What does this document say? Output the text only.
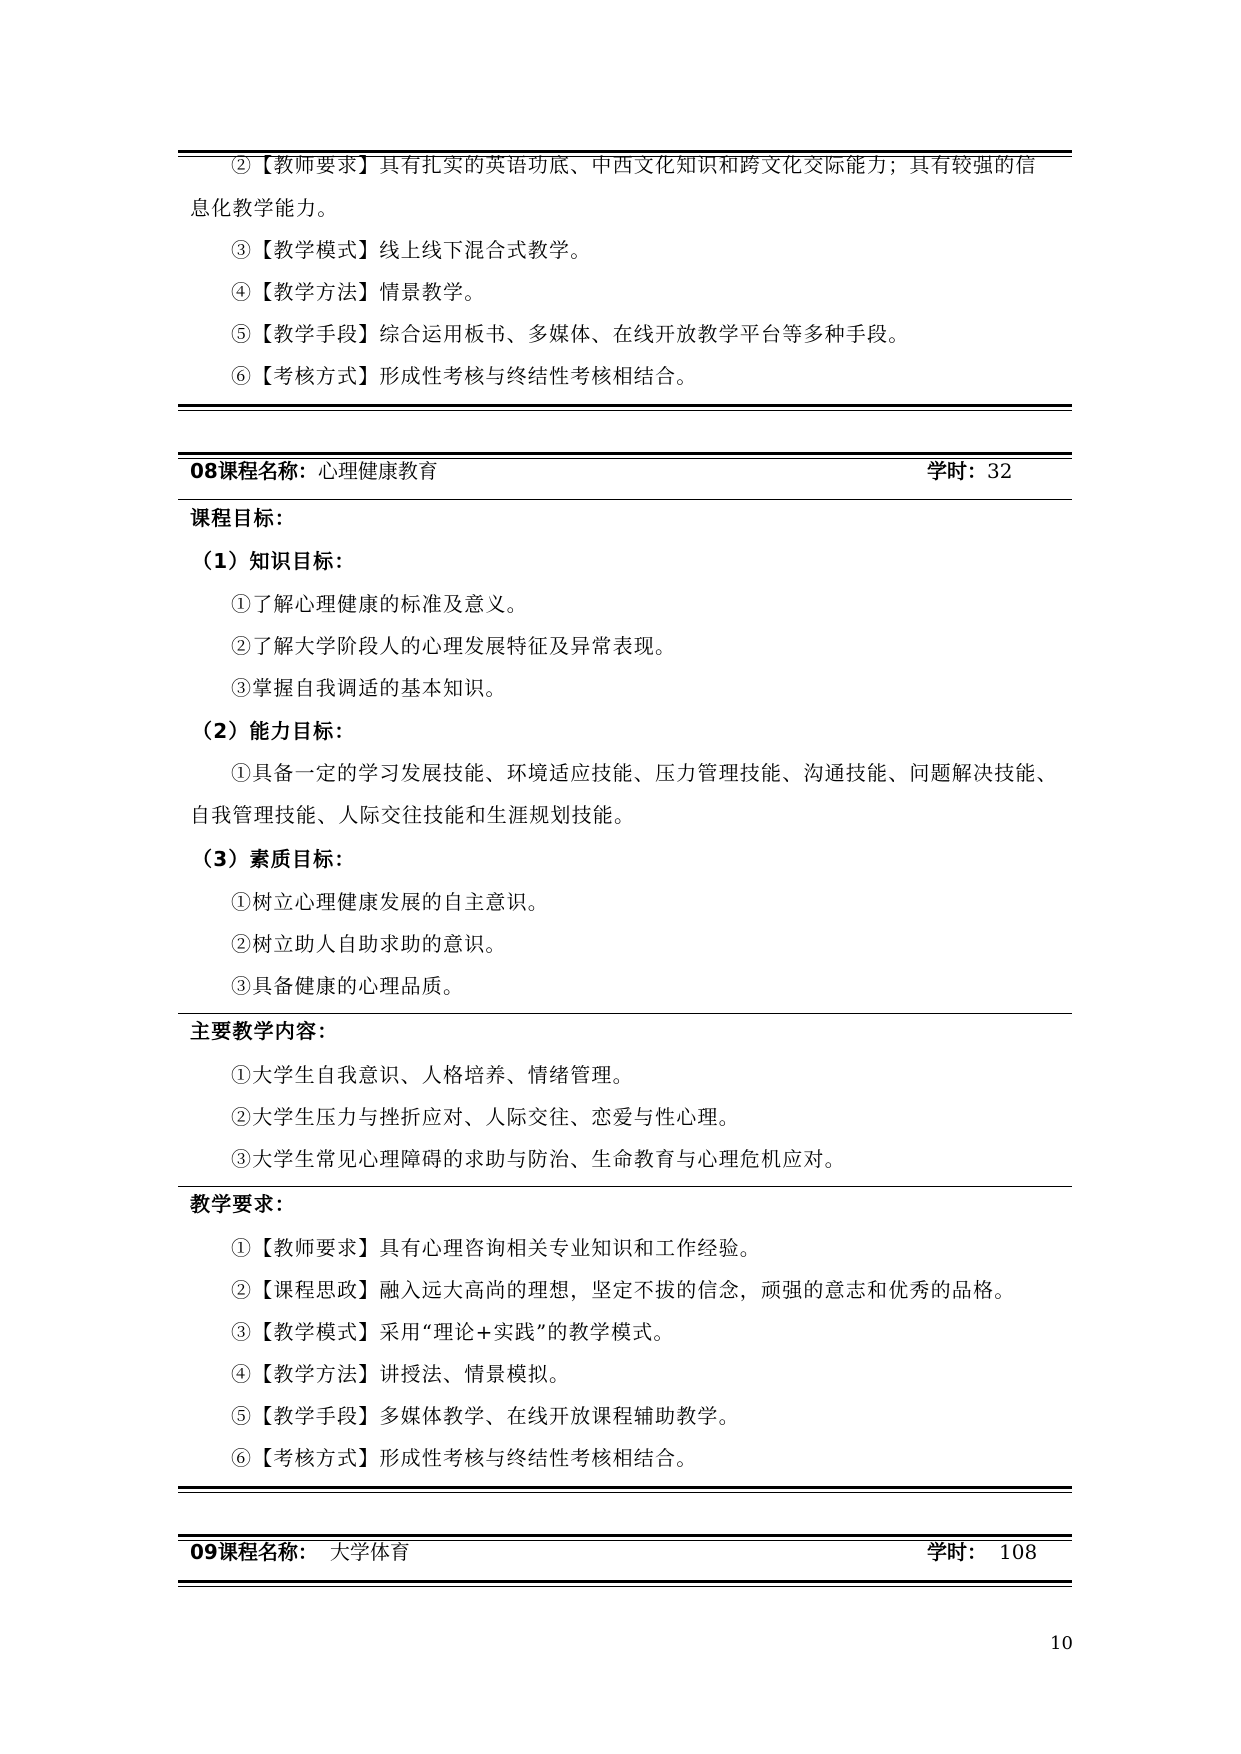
②【教师要求】具有扎实的英语功底、中西文化知识和跨文化交际能力；具有较强的信
息化教学能力。
③【教学模式】线上线下混合式教学。
④【教学方法】情景教学。
⑤【教学手段】综合运用板书、多媒体、在线开放教学平台等多种手段。
⑥【考核方式】形成性考核与终结性考核相结合。
08课程名称：心理健康教育	学时：32
课程目标：
（1）知识目标：
①了解心理健康的标准及意义。
②了解大学阶段人的心理发展特征及异常表现。
③掌握自我调适的基本知识。
（2）能力目标：
①具备一定的学习发展技能、环境适应技能、压力管理技能、沟通技能、问题解决技能、
自我管理技能、人际交往技能和生涯规划技能。
（3）素质目标：
①树立心理健康发展的自主意识。
②树立助人自助求助的意识。
③具备健康的心理品质。
主要教学内容：
①大学生自我意识、人格培养、情绪管理。
②大学生压力与挫折应对、人际交往、恋爱与性心理。
③大学生常见心理障碍的求助与防治、生命教育与心理危机应对。
教学要求：
①【教师要求】具有心理咨询相关专业知识和工作经验。
②【课程思政】融入远大高尚的理想，坚定不拔的信念，顽强的意志和优秀的品格。
③【教学模式】采用“理论+实践”的教学模式。
④【教学方法】讲授法、情景模拟。
⑤【教学手段】多媒体教学、在线开放课程辅助教学。
⑥【考核方式】形成性考核与终结性考核相结合。
09课程名称： 大学体育	学时： 108
10
